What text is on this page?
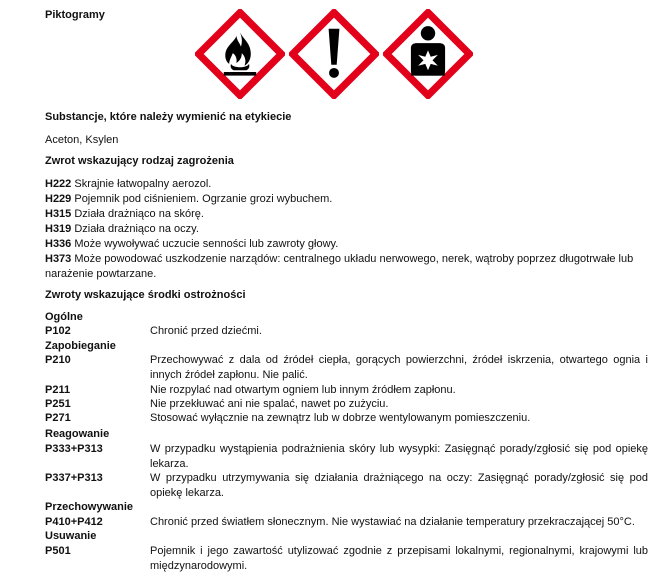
Piktogramy
Substancje, które należy wymienić na etykiecie
Aceton, Ksylen
Zwrot wskazujący rodzaj zagrożenia
H222 Skrajnie łatwopalny aerozol.
H229 Pojemnik pod ciśnieniem. Ogrzanie grozi wybuchem.
H315 Działa drażniąco na skórę.
H319 Działa drażniąco na oczy.
H336 Może wywoływać uczucie senności lub zawroty głowy.
H373 Może powodować uszkodzenie narządów: centralnego układu nerwowego, nerek, wątroby poprzez długotrwałe lub narażenie powtarzane.
Zwroty wskazujące środki ostrożności
Ogólne
P102	Chronić przed dziećmi.
Zapobieganie
P210	Przechowywać z dala od źródeł ciepła, gorących powierzchni, źródeł iskrzenia, otwartego ognia i innych źródeł zapłonu. Nie palić.
P211	Nie rozpylać nad otwartym ogniem lub innym źródłem zapłonu.
P251	Nie przekłuwać ani nie spalać, nawet po zużyciu.
P271	Stosować wyłącznie na zewnątrz lub w dobrze wentylowanym pomieszczeniu.
Reagowanie
P333+P313	W przypadku wystąpienia podrażnienia skóry lub wysypki: Zasięgnąć porady/zgłosić się pod opiekę lekarza.
P337+P313	W przypadku utrzymywania się działania drażniącego na oczy: Zasięgnąć porady/zgłosić się pod opiekę lekarza.
Przechowywanie
P410+P412	Chronić przed światłem słonecznym. Nie wystawiać na działanie temperatury przekraczającej 50°C.
Usuwanie
P501	Pojemnik i jego zawartość utylizować zgodnie z przepisami lokalnymi, regionalnymi, krajowymi lub międzynarodowymi.
